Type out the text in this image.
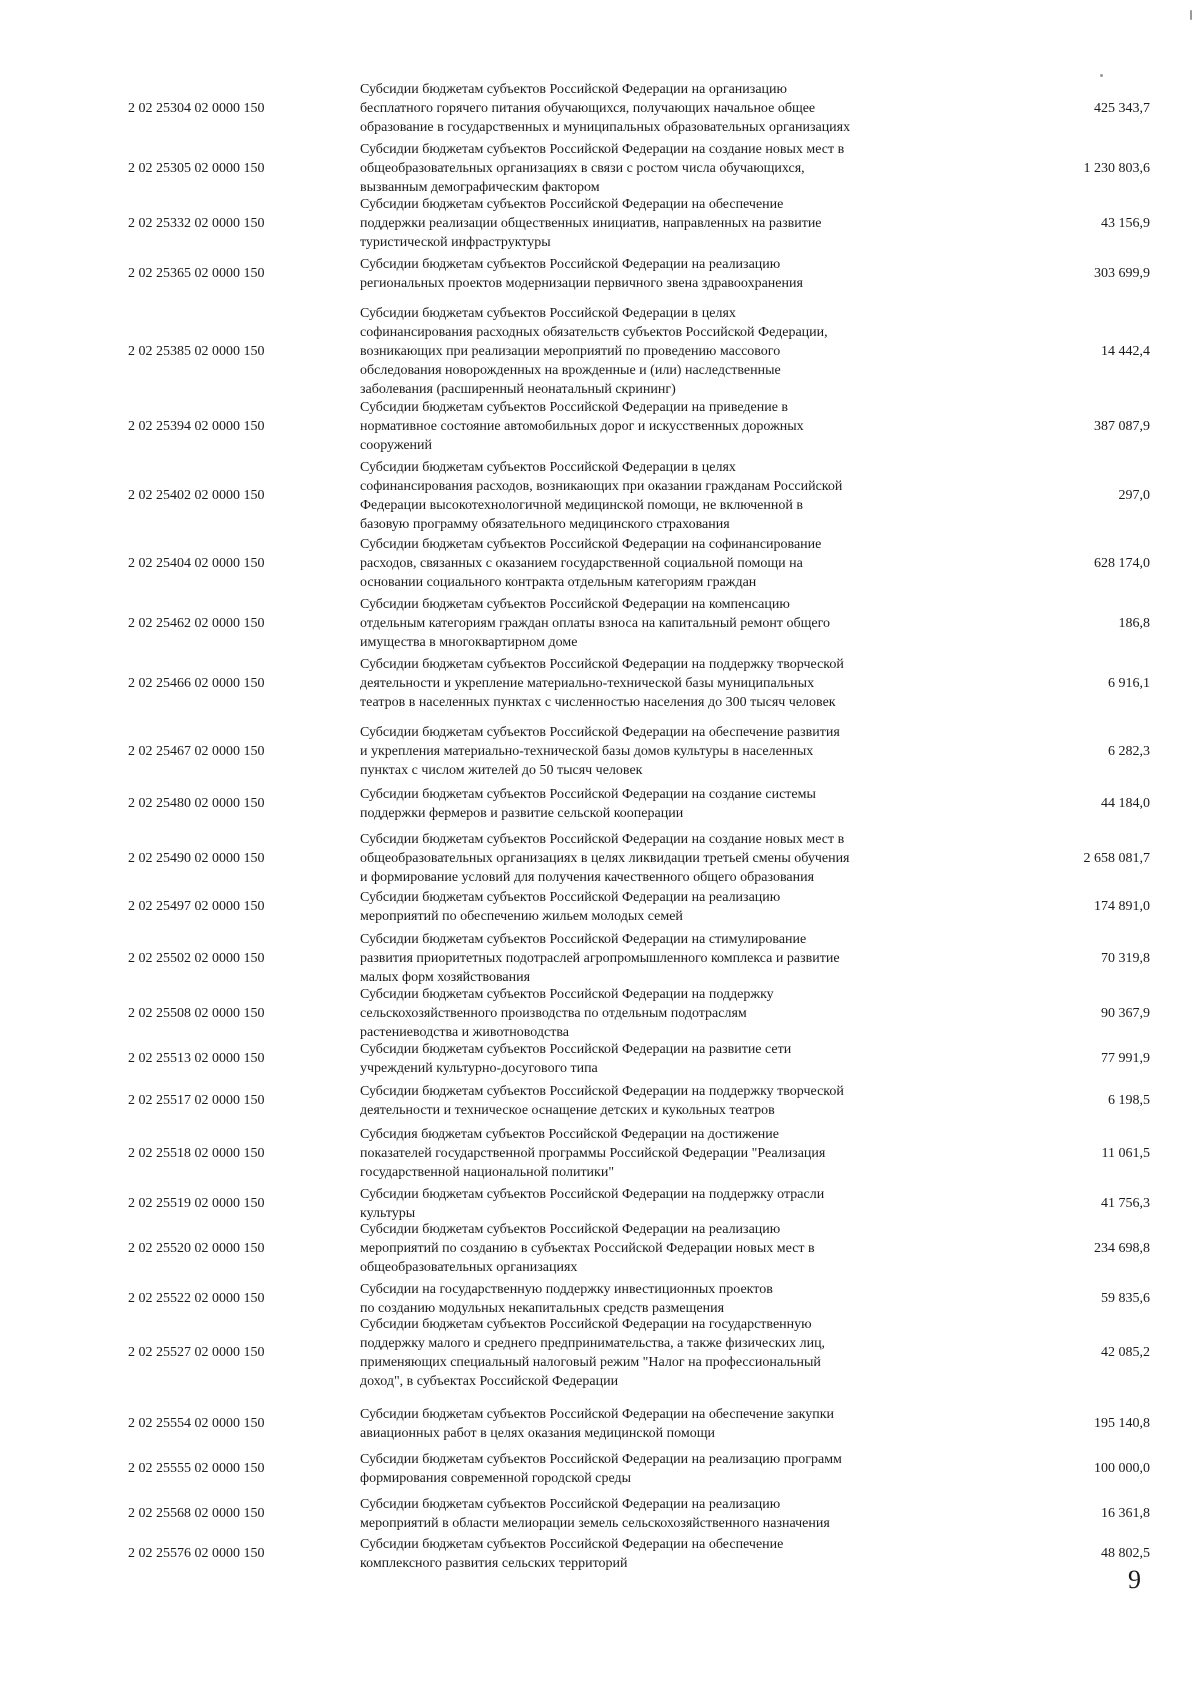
2 02 25304 02 0000 150
Субсидии бюджетам субъектов Российской Федерации на организацию
бесплатного горячего питания обучающихся, получающих начальное общее
образование в государственных и муниципальных образовательных организациях
425 343,7
2 02 25305 02 0000 150
Субсидии бюджетам субъектов Российской Федерации на создание новых мест в
общеобразовательных организациях в связи с ростом числа обучающихся,
вызванным демографическим фактором
1 230 803,6
2 02 25332 02 0000 150
Субсидии бюджетам субъектов Российской Федерации на обеспечение
поддержки реализации общественных инициатив, направленных на развитие
туристической инфраструктуры
43 156,9
2 02 25365 02 0000 150
Субсидии бюджетам субъектов Российской Федерации на реализацию
региональных проектов модернизации первичного звена здравоохранения
303 699,9
2 02 25385 02 0000 150
Субсидии бюджетам субъектов Российской Федерации в целях
софинансирования расходных обязательств субъектов Российской Федерации,
возникающих при реализации мероприятий по проведению массового
обследования новорожденных на врожденные и (или) наследственные
заболевания (расширенный неонатальный скрининг)
14 442,4
2 02 25394 02 0000 150
Субсидии бюджетам субъектов Российской Федерации на приведение в
нормативное состояние автомобильных дорог и искусственных дорожных
сооружений
387 087,9
2 02 25402 02 0000 150
Субсидии бюджетам субъектов Российской Федерации в целях
софинансирования расходов, возникающих при оказании гражданам Российской
Федерации высокотехнологичной медицинской помощи, не включенной в
базовую программу обязательного медицинского страхования
297,0
2 02 25404 02 0000 150
Субсидии бюджетам субъектов Российской Федерации на софинансирование
расходов, связанных с оказанием государственной социальной помощи на
основании социального контракта отдельным категориям граждан
628 174,0
2 02 25462 02 0000 150
Субсидии бюджетам субъектов Российской Федерации на компенсацию
отдельным категориям граждан оплаты взноса на капитальный ремонт общего
имущества в многоквартирном доме
186,8
2 02 25466 02 0000 150
Субсидии бюджетам субъектов Российской Федерации на поддержку творческой
деятельности и укрепление материально-технической базы муниципальных
театров в населенных пунктах с численностью населения до 300 тысяч человек
6 916,1
2 02 25467 02 0000 150
Субсидии бюджетам субъектов Российской Федерации на обеспечение развития
и укрепления материально-технической базы домов культуры в населенных
пунктах с числом жителей до 50 тысяч человек
6 282,3
2 02 25480 02 0000 150
Субсидии бюджетам субъектов Российской Федерации на создание системы
поддержки фермеров и развитие сельской кооперации
44 184,0
2 02 25490 02 0000 150
Субсидии бюджетам субъектов Российской Федерации на создание новых мест в
общеобразовательных организациях в целях ликвидации третьей смены обучения
и формирование условий для получения качественного общего образования
2 658 081,7
2 02 25497 02 0000 150
Субсидии бюджетам субъектов Российской Федерации на реализацию
мероприятий по обеспечению жильем молодых семей
174 891,0
2 02 25502 02 0000 150
Субсидии бюджетам субъектов Российской Федерации на стимулирование
развития приоритетных подотраслей агропромышленного комплекса и развитие
малых форм хозяйствования
70 319,8
2 02 25508 02 0000 150
Субсидии бюджетам субъектов Российской Федерации на поддержку
сельскохозяйственного производства по отдельным подотраслям
растениеводства и животноводства
90 367,9
2 02 25513 02 0000 150
Субсидии бюджетам субъектов Российской Федерации на развитие сети
учреждений культурно-досугового типа
77 991,9
2 02 25517 02 0000 150
Субсидии бюджетам субъектов Российской Федерации на поддержку творческой
деятельности и техническое оснащение детских и кукольных театров
6 198,5
2 02 25518 02 0000 150
Субсидия бюджетам субъектов Российской Федерации на достижение
показателей государственной программы Российской Федерации "Реализация
государственной национальной политики"
11 061,5
2 02 25519 02 0000 150
Субсидии бюджетам субъектов Российской Федерации на поддержку отрасли
культуры
41 756,3
2 02 25520 02 0000 150
Субсидии бюджетам субъектов Российской Федерации на реализацию
мероприятий по созданию в субъектах Российской Федерации новых мест в
общеобразовательных организациях
234 698,8
2 02 25522 02 0000 150
Субсидии на государственную поддержку инвестиционных проектов
по созданию модульных некапитальных средств размещения
59 835,6
2 02 25527 02 0000 150
Субсидии бюджетам субъектов Российской Федерации на государственную
поддержку малого и среднего предпринимательства, а также физических лиц,
применяющих специальный налоговый режим "Налог на профессиональный
доход", в субъектах Российской Федерации
42 085,2
2 02 25554 02 0000 150
Субсидии бюджетам субъектов Российской Федерации на обеспечение закупки
авиационных работ в целях оказания медицинской помощи
195 140,8
2 02 25555 02 0000 150
Субсидии бюджетам субъектов Российской Федерации на реализацию программ
формирования современной городской среды
100 000,0
2 02 25568 02 0000 150
Субсидии бюджетам субъектов Российской Федерации на реализацию
мероприятий в области мелиорации земель сельскохозяйственного назначения
16 361,8
2 02 25576 02 0000 150
Субсидии бюджетам субъектов Российской Федерации на обеспечение
комплексного развития сельских территорий
48 802,5
9
